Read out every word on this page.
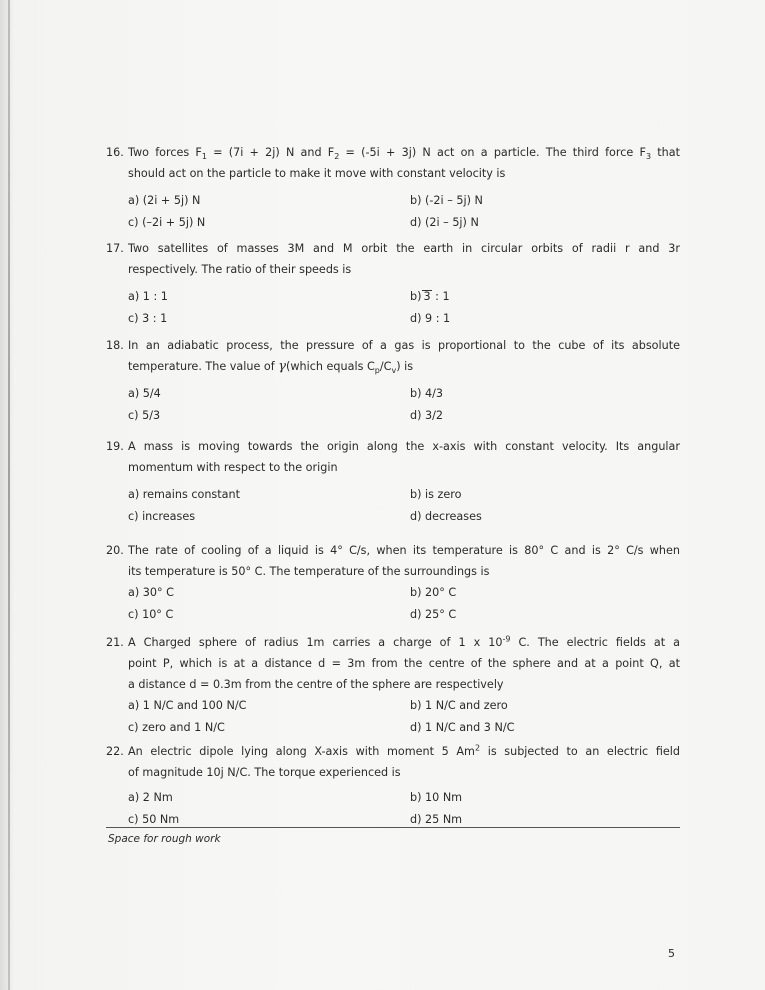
16. Two forces $F_1 = (7i + 2j)$ N and $F_2 = (-5i + 3j)$ N act on a particle. The third force $F_3$ that
should act on the particle to make it move with constant velocity is
a) (2i + 5j) N	b) (-2i – 5j) N
c) (–2i + 5j) N	d) (2i – 5j) N
17. Two satellites of masses 3M and M orbit the earth in circular orbits of radii r and 3r
respectively. The ratio of their speeds is
a) 1 : 1	b) 3 : 1
c) 3 : 1	d) 9 : 1
18. In an adiabatic process, the pressure of a gas is proportional to the cube of its absolute
temperature. The value of γ(which equals $C_p/C_v$) is
a) 5/4	b) 4/3
c) 5/3	d) 3/2
19. A mass is moving towards the origin along the x-axis with constant velocity. Its angular
momentum with respect to the origin
a) remains constant	b) is zero
c) increases	d) decreases
20. The rate of cooling of a liquid is 4° C/s, when its temperature is 80° C and is 2° C/s when
its temperature is 50° C. The temperature of the surroundings is
a) 30° C	b) 20° C
c) 10° C	d) 25° C
21. A Charged sphere of radius 1m carries a charge of 1 x $10^{-9}$ C. The electric fields at a
point P, which is at a distance d = 3m from the centre of the sphere and at a point Q, at
a distance d = 0.3m from the centre of the sphere are respectively
a) 1 N/C and 100 N/C	b) 1 N/C and zero
c) zero and 1 N/C	d) 1 N/C and 3 N/C
22. An electric dipole lying along X-axis with moment 5 Am$^2$ is subjected to an electric field
of magnitude 10j N/C. The torque experienced is
a) 2 Nm	b) 10 Nm
c) 50 Nm	d) 25 Nm
Space for rough work
5
